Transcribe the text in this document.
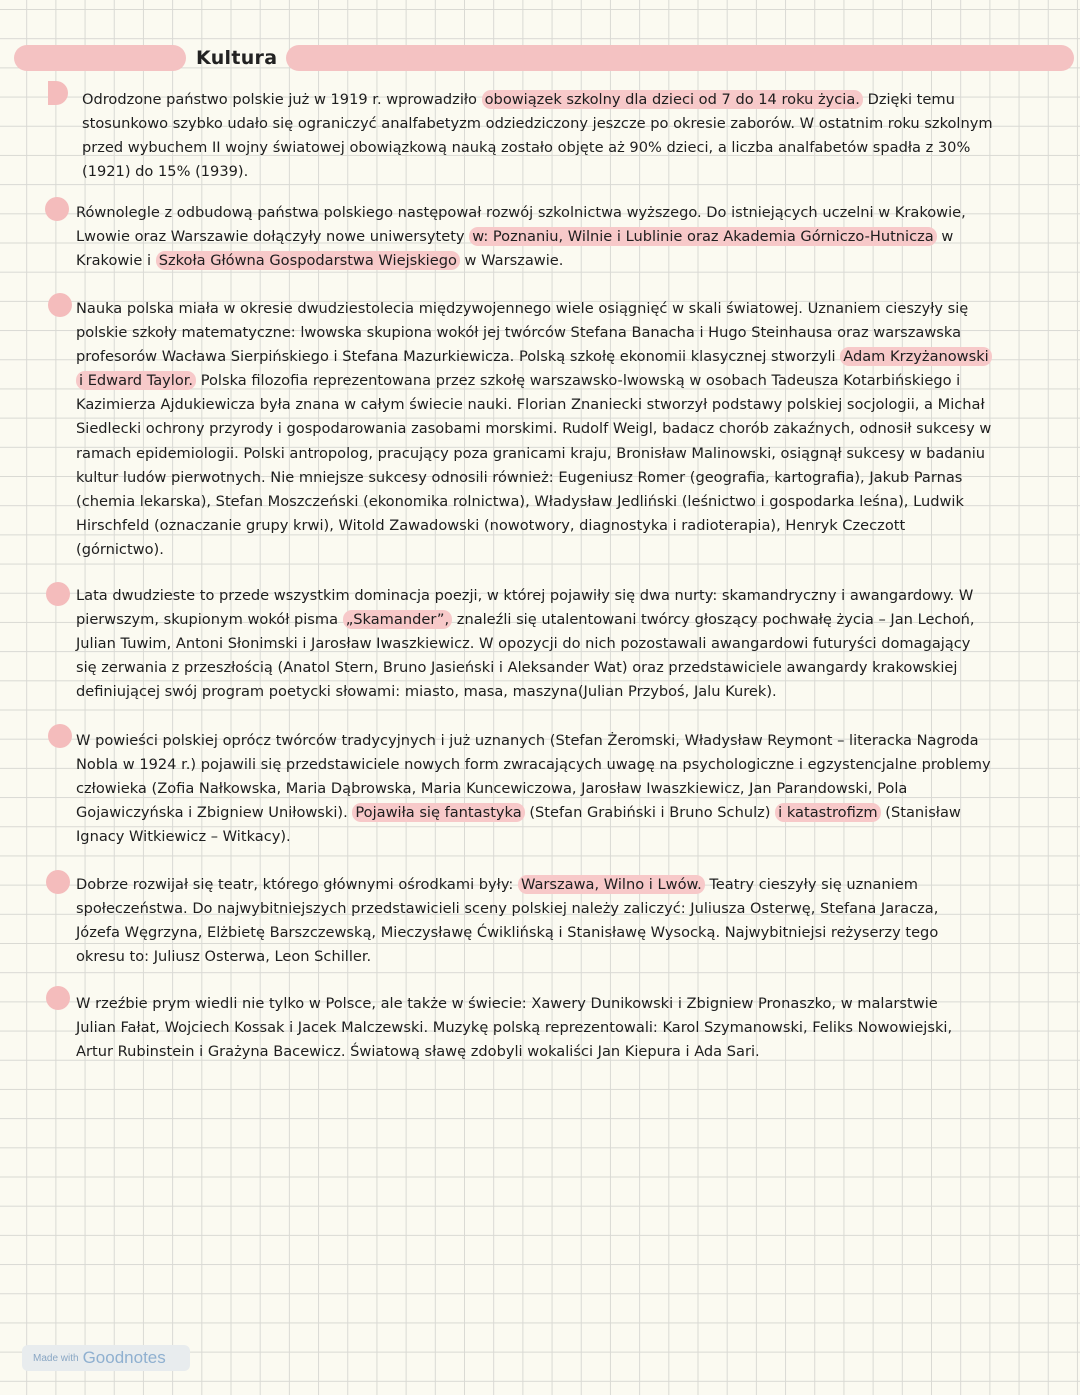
Kultura

Odrodzone państwo polskie już w 1919 r. wprowadziło obowiązek szkolny dla dzieci od 7 do 14 roku życia. Dzięki temu
stosunkowo szybko udało się ograniczyć analfabetyzm odziedziczony jeszcze po okresie zaborów. W ostatnim roku szkolnym
przed wybuchem II wojny światowej obowiązkową nauką zostało objęte aż 90% dzieci, a liczba analfabetów spadła z 30%
(1921) do 15% (1939).

Równolegle z odbudową państwa polskiego następował rozwój szkolnictwa wyższego. Do istniejących uczelni w Krakowie,
Lwowie oraz Warszawie dołączyły nowe uniwersytety w: Poznaniu, Wilnie i Lublinie oraz Akademia Górniczo-Hutnicza w
Krakowie i Szkoła Główna Gospodarstwa Wiejskiego w Warszawie.

Nauka polska miała w okresie dwudziestolecia międzywojennego wiele osiągnięć w skali światowej. Uznaniem cieszyły się
polskie szkoły matematyczne: lwowska skupiona wokół jej twórców Stefana Banacha i Hugo Steinhausa oraz warszawska
profesorów Wacława Sierpińskiego i Stefana Mazurkiewicza. Polską szkołę ekonomii klasycznej stworzyli Adam Krzyżanowski
i Edward Taylor. Polska filozofia reprezentowana przez szkołę warszawsko-lwowską w osobach Tadeusza Kotarbińskiego i
Kazimierza Ajdukiewicza była znana w całym świecie nauki. Florian Znaniecki stworzył podstawy polskiej socjologii, a Michał
Siedlecki ochrony przyrody i gospodarowania zasobami morskimi. Rudolf Weigl, badacz chorób zakaźnych, odnosił sukcesy w
ramach epidemiologii. Polski antropolog, pracujący poza granicami kraju, Bronisław Malinowski, osiągnął sukcesy w badaniu
kultur ludów pierwotnych. Nie mniejsze sukcesy odnosili również: Eugeniusz Romer (geografia, kartografia), Jakub Parnas
(chemia lekarska), Stefan Moszczeński (ekonomika rolnictwa), Władysław Jedliński (leśnictwo i gospodarka leśna), Ludwik
Hirschfeld (oznaczanie grupy krwi), Witold Zawadowski (nowotwory, diagnostyka i radioterapia), Henryk Czeczott
(górnictwo).

Lata dwudzieste to przede wszystkim dominacja poezji, w której pojawiły się dwa nurty: skamandryczny i awangardowy. W
pierwszym, skupionym wokół pisma „Skamander”, znaleźli się utalentowani twórcy głoszący pochwałę życia – Jan Lechoń,
Julian Tuwim, Antoni Słonimski i Jarosław Iwaszkiewicz. W opozycji do nich pozostawali awangardowi futuryści domagający
się zerwania z przeszłością (Anatol Stern, Bruno Jasieński i Aleksander Wat) oraz przedstawiciele awangardy krakowskiej
definiującej swój program poetycki słowami: miasto, masa, maszyna(Julian Przyboś, Jalu Kurek).

W powieści polskiej oprócz twórców tradycyjnych i już uznanych (Stefan Żeromski, Władysław Reymont – literacka Nagroda
Nobla w 1924 r.) pojawili się przedstawiciele nowych form zwracających uwagę na psychologiczne i egzystencjalne problemy
człowieka (Zofia Nałkowska, Maria Dąbrowska, Maria Kuncewiczowa, Jarosław Iwaszkiewicz, Jan Parandowski, Pola
Gojawiczyńska i Zbigniew Uniłowski). Pojawiła się fantastyka (Stefan Grabiński i Bruno Schulz) i katastrofizm (Stanisław
Ignacy Witkiewicz – Witkacy).

Dobrze rozwijał się teatr, którego głównymi ośrodkami były: Warszawa, Wilno i Lwów. Teatry cieszyły się uznaniem
społeczeństwa. Do najwybitniejszych przedstawicieli sceny polskiej należy zaliczyć: Juliusza Osterwę, Stefana Jaracza,
Józefa Węgrzyna, Elżbietę Barszczewską, Mieczysławę Ćwiklińską i Stanisławę Wysocką. Najwybitniejsi reżyserzy tego
okresu to: Juliusz Osterwa, Leon Schiller.

W rzeźbie prym wiedli nie tylko w Polsce, ale także w świecie: Xawery Dunikowski i Zbigniew Pronaszko, w malarstwie
Julian Fałat, Wojciech Kossak i Jacek Malczewski. Muzykę polską reprezentowali: Karol Szymanowski, Feliks Nowowiejski,
Artur Rubinstein i Grażyna Bacewicz. Światową sławę zdobyli wokaliści Jan Kiepura i Ada Sari.

Made with Goodnotes
